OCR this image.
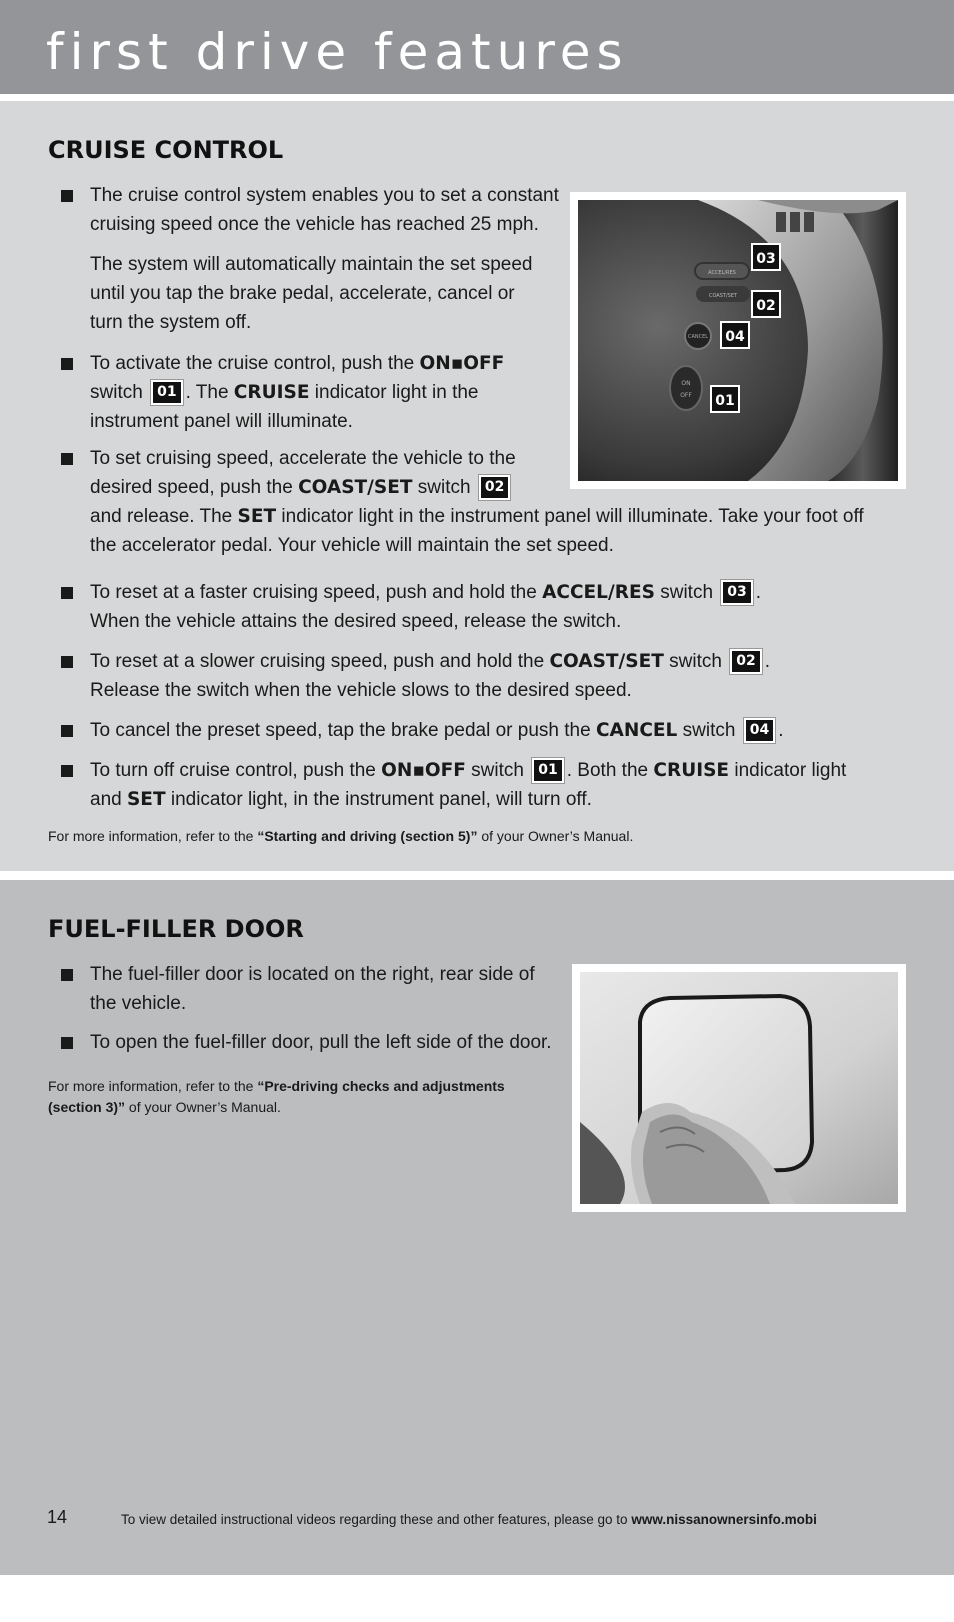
first drive features
CRUISE CONTROL
The cruise control system enables you to set a constant
cruising speed once the vehicle has reached 25 mph.
The system will automatically maintain the set speed
until you tap the brake pedal, accelerate, cancel or
turn the system off.
To activate the cruise control, push the ON▪OFF
switch 01 . The CRUISE indicator light in the
instrument panel will illuminate.
To set cruising speed, accelerate the vehicle to the
desired speed, push the COAST/SET switch 02
and release. The SET indicator light in the instrument panel will illuminate. Take your foot off
the accelerator pedal. Your vehicle will maintain the set speed.
To reset at a faster cruising speed, push and hold the ACCEL/RES switch 03 .
When the vehicle attains the desired speed, release the switch.
To reset at a slower cruising speed, push and hold the COAST/SET switch 02 .
Release the switch when the vehicle slows to the desired speed.
To cancel the preset speed, tap the brake pedal or push the CANCEL switch 04 .
To turn off cruise control, push the ON▪OFF switch 01 . Both the CRUISE indicator light
and SET indicator light, in the instrument panel, will turn off.
For more information, refer to the “Starting and driving (section 5)” of your Owner’s Manual.
ACCEL/RES
COAST/SET
CANCEL
ON
OFF
03
02
04
01
FUEL-FILLER DOOR
The fuel-filler door is located on the right, rear side of
the vehicle.
To open the fuel-filler door, pull the left side of the door.
For more information, refer to the “Pre-driving checks and adjustments
(section 3)” of your Owner’s Manual.
14	To view detailed instructional videos regarding these and other features, please go to www.nissanownersinfo.mobi
